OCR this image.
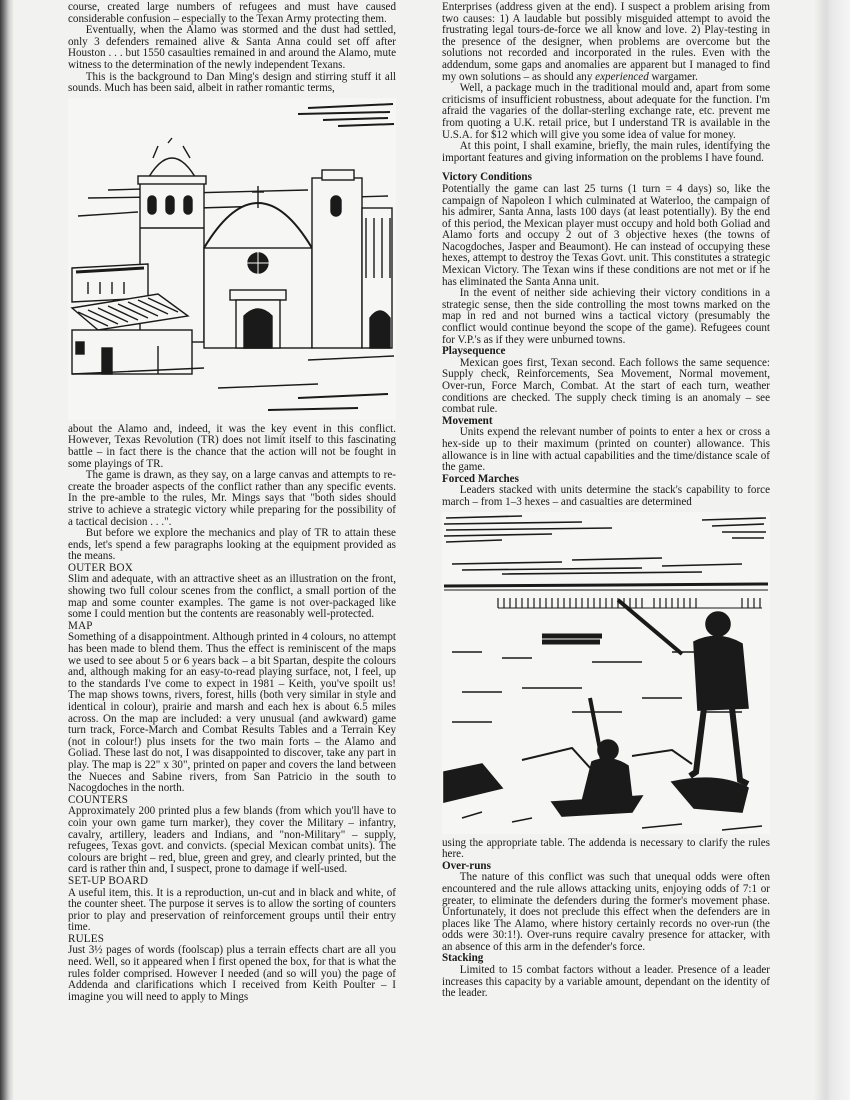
course, created large numbers of refugees and must have caused considerable confusion – especially to the Texan Army protecting them.

Eventually, when the Alamo was stormed and the dust had settled, only 3 defenders remained alive & Santa Anna could set off after Houston . . . but 1550 casaulties remained in and around the Alamo, mute witness to the determination of the newly independent Texans.

This is the background to Dan Ming's design and stirring stuff it all sounds. Much has been said, albeit in rather romantic terms,

about the Alamo and, indeed, it was the key event in this conflict. However, Texas Revolution (TR) does not limit itself to this fascinating battle – in fact there is the chance that the action will not be fought in some playings of TR.

The game is drawn, as they say, on a large canvas and attempts to re-create the broader aspects of the conflict rather than any specific events. In the pre-amble to the rules, Mr. Mings says that "both sides should strive to achieve a strategic victory while preparing for the possibility of a tactical decision . . .".

But before we explore the mechanics and play of TR to attain these ends, let's spend a few paragraphs looking at the equipment provided as the means.

OUTER BOX

Slim and adequate, with an attractive sheet as an illustration on the front, showing two full colour scenes from the conflict, a small portion of the map and some counter examples. The game is not over-packaged like some I could mention but the contents are reasonably well-protected.

MAP

Something of a disappointment. Although printed in 4 colours, no attempt has been made to blend them. Thus the effect is reminiscent of the maps we used to see about 5 or 6 years back – a bit Spartan, despite the colours and, although making for an easy-to-read playing surface, not, I feel, up to the standards I've come to expect in 1981 – Keith, you've spoilt us! The map shows towns, rivers, forest, hills (both very similar in style and identical in colour), prairie and marsh and each hex is about 6.5 miles across. On the map are included: a very unusual (and awkward) game turn track, Force-March and Combat Results Tables and a Terrain Key (not in colour!) plus insets for the two main forts – the Alamo and Goliad. These last do not, I was disappointed to discover, take any part in play. The map is 22" x 30", printed on paper and covers the land between the Nueces and Sabine rivers, from San Patricio in the south to Nacogdoches in the north.

COUNTERS

Approximately 200 printed plus a few blands (from which you'll have to coin your own game turn marker), they cover the Military – infantry, cavalry, artillery, leaders and Indians, and "non-Military" – supply, refugees, Texas govt. and convicts. (special Mexican combat units). The colours are bright – red, blue, green and grey, and clearly printed, but the card is rather thin and, I suspect, prone to damage if well-used.

SET-UP BOARD

A useful item, this. It is a reproduction, un-cut and in black and white, of the counter sheet. The purpose it serves is to allow the sorting of counters prior to play and preservation of reinforcement groups until their entry time.

RULES

Just 3½ pages of words (foolscap) plus a terrain effects chart are all you need. Well, so it appeared when I first opened the box, for that is what the rules folder comprised. However I needed (and so will you) the page of Addenda and clarifications which I received from Keith Poulter – I imagine you will need to apply to Mings

Enterprises (address given at the end). I suspect a problem arising from two causes: 1) A laudable but possibly misguided attempt to avoid the frustrating legal tours-de-force we all know and love. 2) Play-testing in the presence of the designer, when problems are overcome but the solutions not recorded and incorporated in the rules. Even with the addendum, some gaps and anomalies are apparent but I managed to find my own solutions – as should any experienced wargamer.

Well, a package much in the traditional mould and, apart from some criticisms of insufficient robustness, about adequate for the function. I'm afraid the vagaries of the dollar-sterling exchange rate, etc. prevent me from quoting a U.K. retail price, but I understand TR is available in the U.S.A. for $12 which will give you some idea of value for money.

At this point, I shall examine, briefly, the main rules, identifying the important features and giving information on the problems I have found.

Victory Conditions

Potentially the game can last 25 turns (1 turn = 4 days) so, like the campaign of Napoleon I which culminated at Waterloo, the campaign of his admirer, Santa Anna, lasts 100 days (at least potentially). By the end of this period, the Mexican player must occupy and hold both Goliad and Alamo forts and occupy 2 out of 3 objective hexes (the towns of Nacogdoches, Jasper and Beaumont). He can instead of occupying these hexes, attempt to destroy the Texas Govt. unit. This constitutes a strategic Mexican Victory. The Texan wins if these conditions are not met or if he has eliminated the Santa Anna unit.

In the event of neither side achieving their victory conditions in a strategic sense, then the side controlling the most towns marked on the map in red and not burned wins a tactical victory (presumably the conflict would continue beyond the scope of the game). Refugees count for V.P.'s as if they were unburned towns.

Playsequence

Mexican goes first, Texan second. Each follows the same sequence: Supply check, Reinforcements, Sea Movement, Normal movement, Over-run, Force March, Combat. At the start of each turn, weather conditions are checked. The supply check timing is an anomaly – see combat rule.

Movement

Units expend the relevant number of points to enter a hex or cross a hex-side up to their maximum (printed on counter) allowance. This allowance is in line with actual capabilities and the time/distance scale of the game.

Forced Marches

Leaders stacked with units determine the stack's capability to force march – from 1–3 hexes – and casualties are determined

using the appropriate table. The addenda is necessary to clarify the rules here.

Over-runs

The nature of this conflict was such that unequal odds were often encountered and the rule allows attacking units, enjoying odds of 7:1 or greater, to eliminate the defenders during the former's movement phase. Unfortunately, it does not preclude this effect when the defenders are in places like The Alamo, where history certainly records no over-run (the odds were 30:1!). Over-runs require cavalry presence for attacker, with an absence of this arm in the defender's force.

Stacking

Limited to 15 combat factors without a leader. Presence of a leader increases this capacity by a variable amount, dependant on the identity of the leader.
